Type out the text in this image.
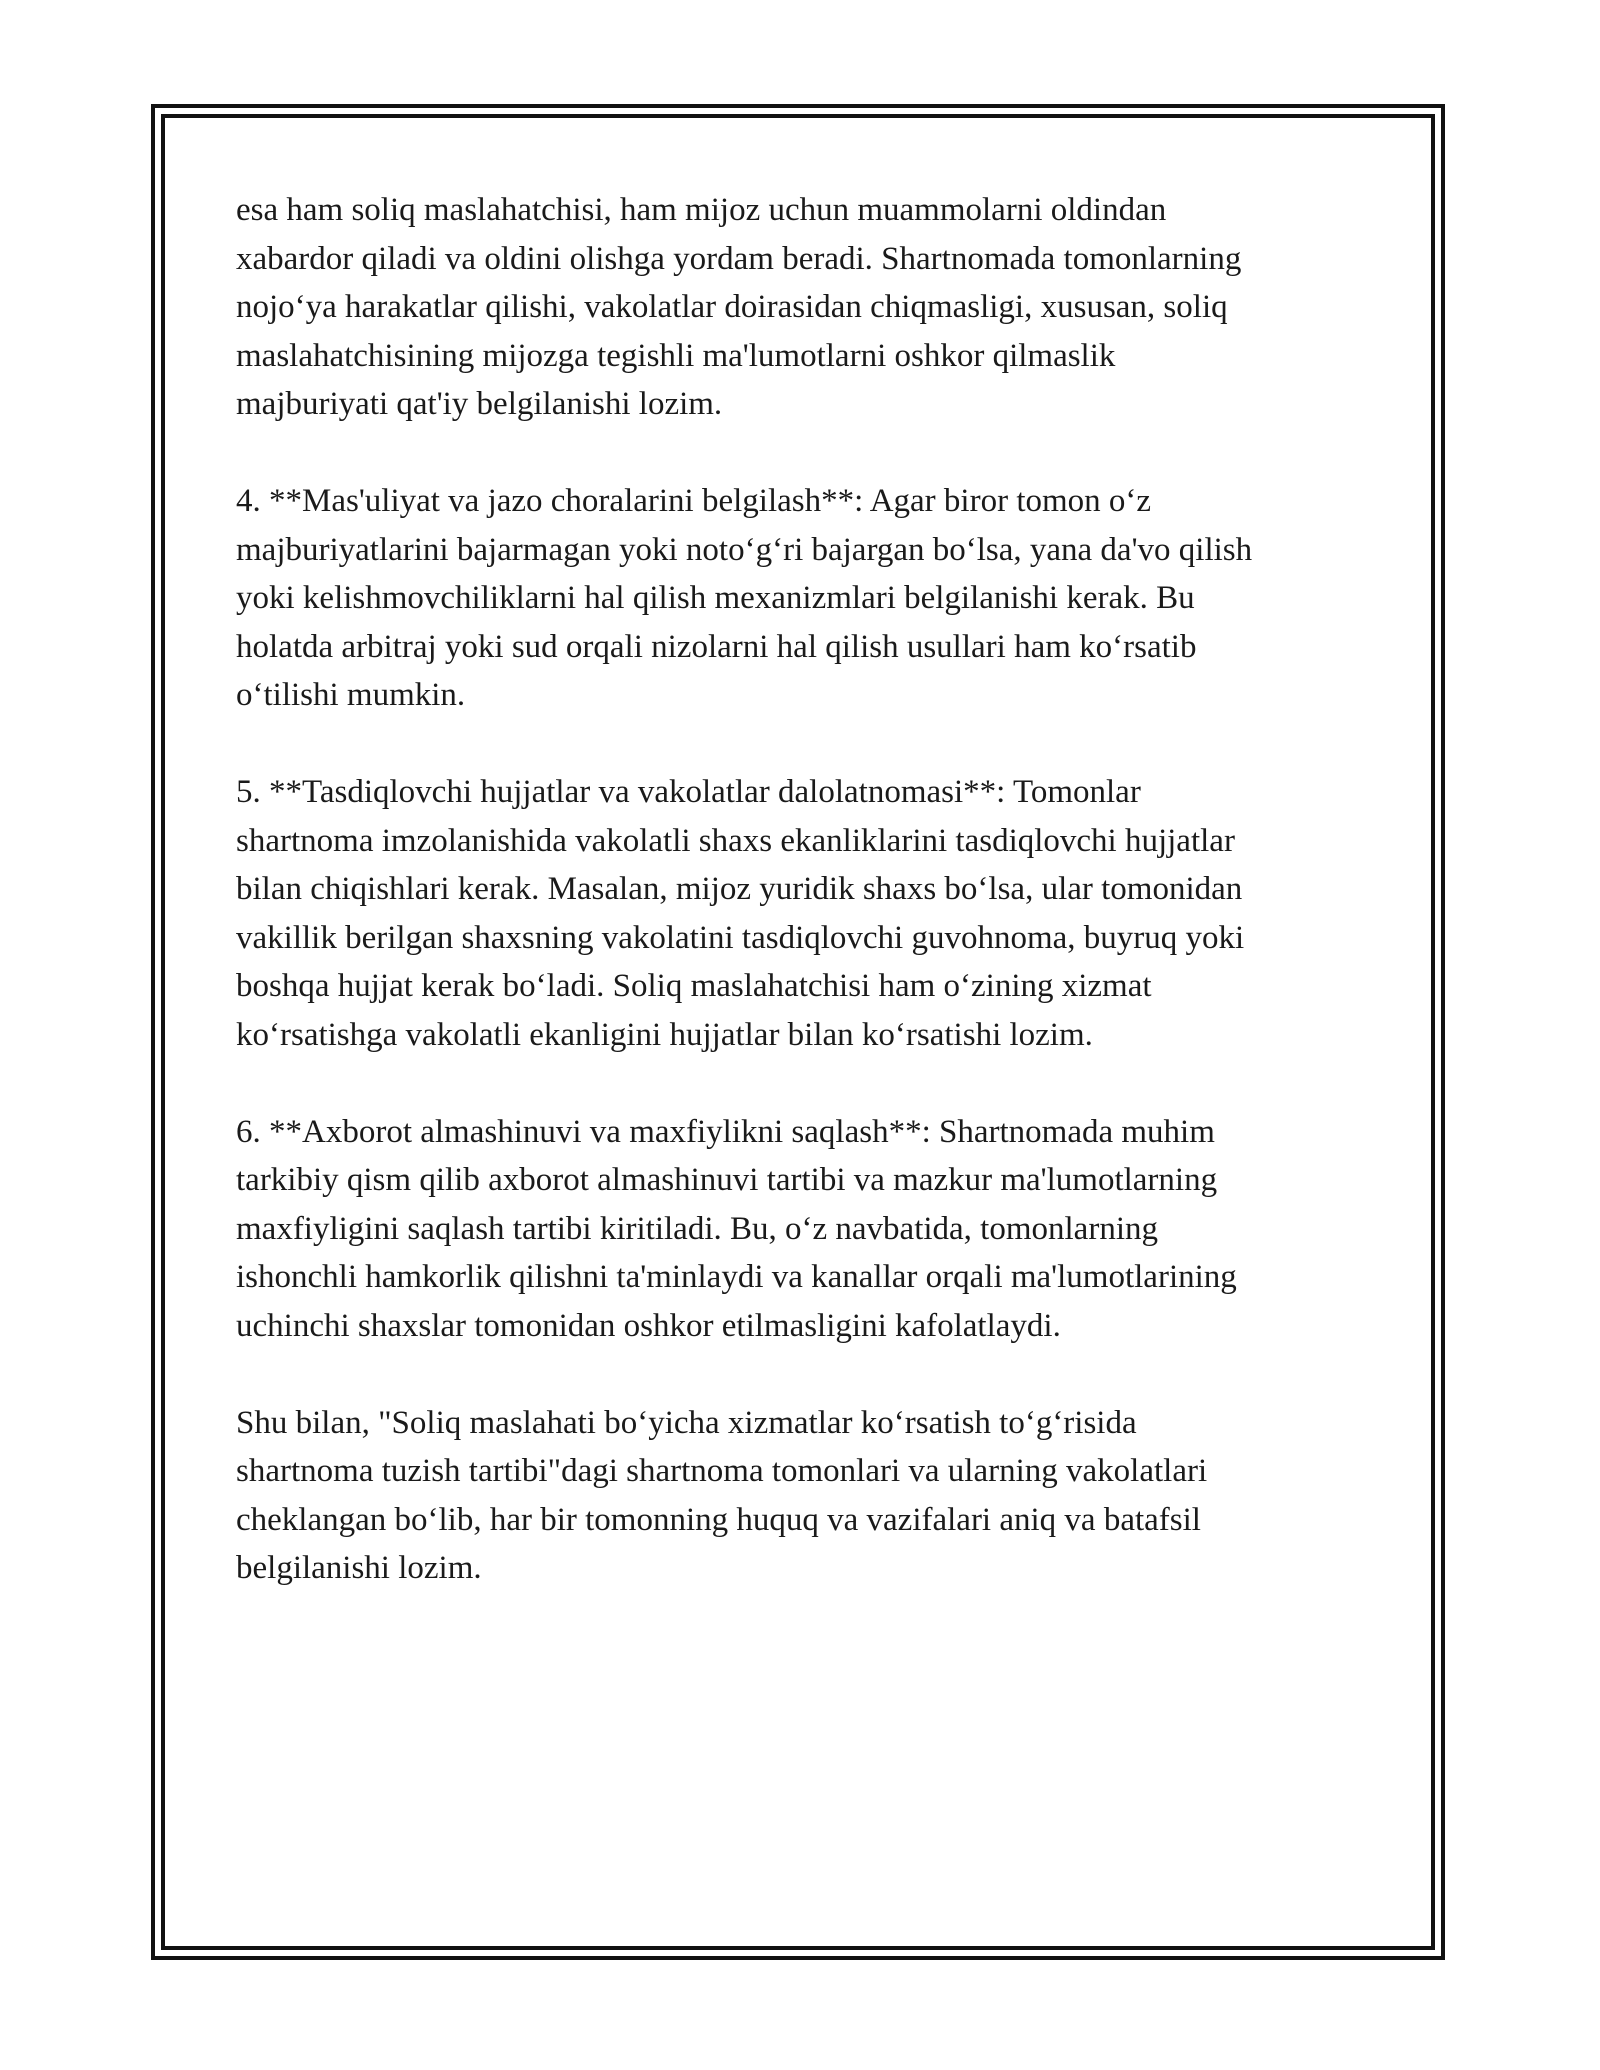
esa ham soliq maslahatchisi, ham mijoz uchun muammolarni oldindan
xabardor qiladi va oldini olishga yordam beradi. Shartnomada tomonlarning
nojo‘ya harakatlar qilishi, vakolatlar doirasidan chiqmasligi, xususan, soliq
maslahatchisining mijozga tegishli ma'lumotlarni oshkor qilmaslik
majburiyati qat'iy belgilanishi lozim.

4. **Mas'uliyat va jazo choralarini belgilash**: Agar biror tomon o‘z
majburiyatlarini bajarmagan yoki noto‘g‘ri bajargan bo‘lsa, yana da'vo qilish
yoki kelishmovchiliklarni hal qilish mexanizmlari belgilanishi kerak. Bu
holatda arbitraj yoki sud orqali nizolarni hal qilish usullari ham ko‘rsatib
o‘tilishi mumkin.

5. **Tasdiqlovchi hujjatlar va vakolatlar dalolatnomasi**: Tomonlar
shartnoma imzolanishida vakolatli shaxs ekanliklarini tasdiqlovchi hujjatlar
bilan chiqishlari kerak. Masalan, mijoz yuridik shaxs bo‘lsa, ular tomonidan
vakillik berilgan shaxsning vakolatini tasdiqlovchi guvohnoma, buyruq yoki
boshqa hujjat kerak bo‘ladi. Soliq maslahatchisi ham o‘zining xizmat
ko‘rsatishga vakolatli ekanligini hujjatlar bilan ko‘rsatishi lozim.

6. **Axborot almashinuvi va maxfiylikni saqlash**: Shartnomada muhim
tarkibiy qism qilib axborot almashinuvi tartibi va mazkur ma'lumotlarning
maxfiyligini saqlash tartibi kiritiladi. Bu, o‘z navbatida, tomonlarning
ishonchli hamkorlik qilishni ta'minlaydi va kanallar orqali ma'lumotlarining
uchinchi shaxslar tomonidan oshkor etilmasligini kafolatlaydi.

Shu bilan, "Soliq maslahati bo‘yicha xizmatlar ko‘rsatish to‘g‘risida
shartnoma tuzish tartibi"dagi shartnoma tomonlari va ularning vakolatlari
cheklangan bo‘lib, har bir tomonning huquq va vazifalari aniq va batafsil
belgilanishi lozim.
